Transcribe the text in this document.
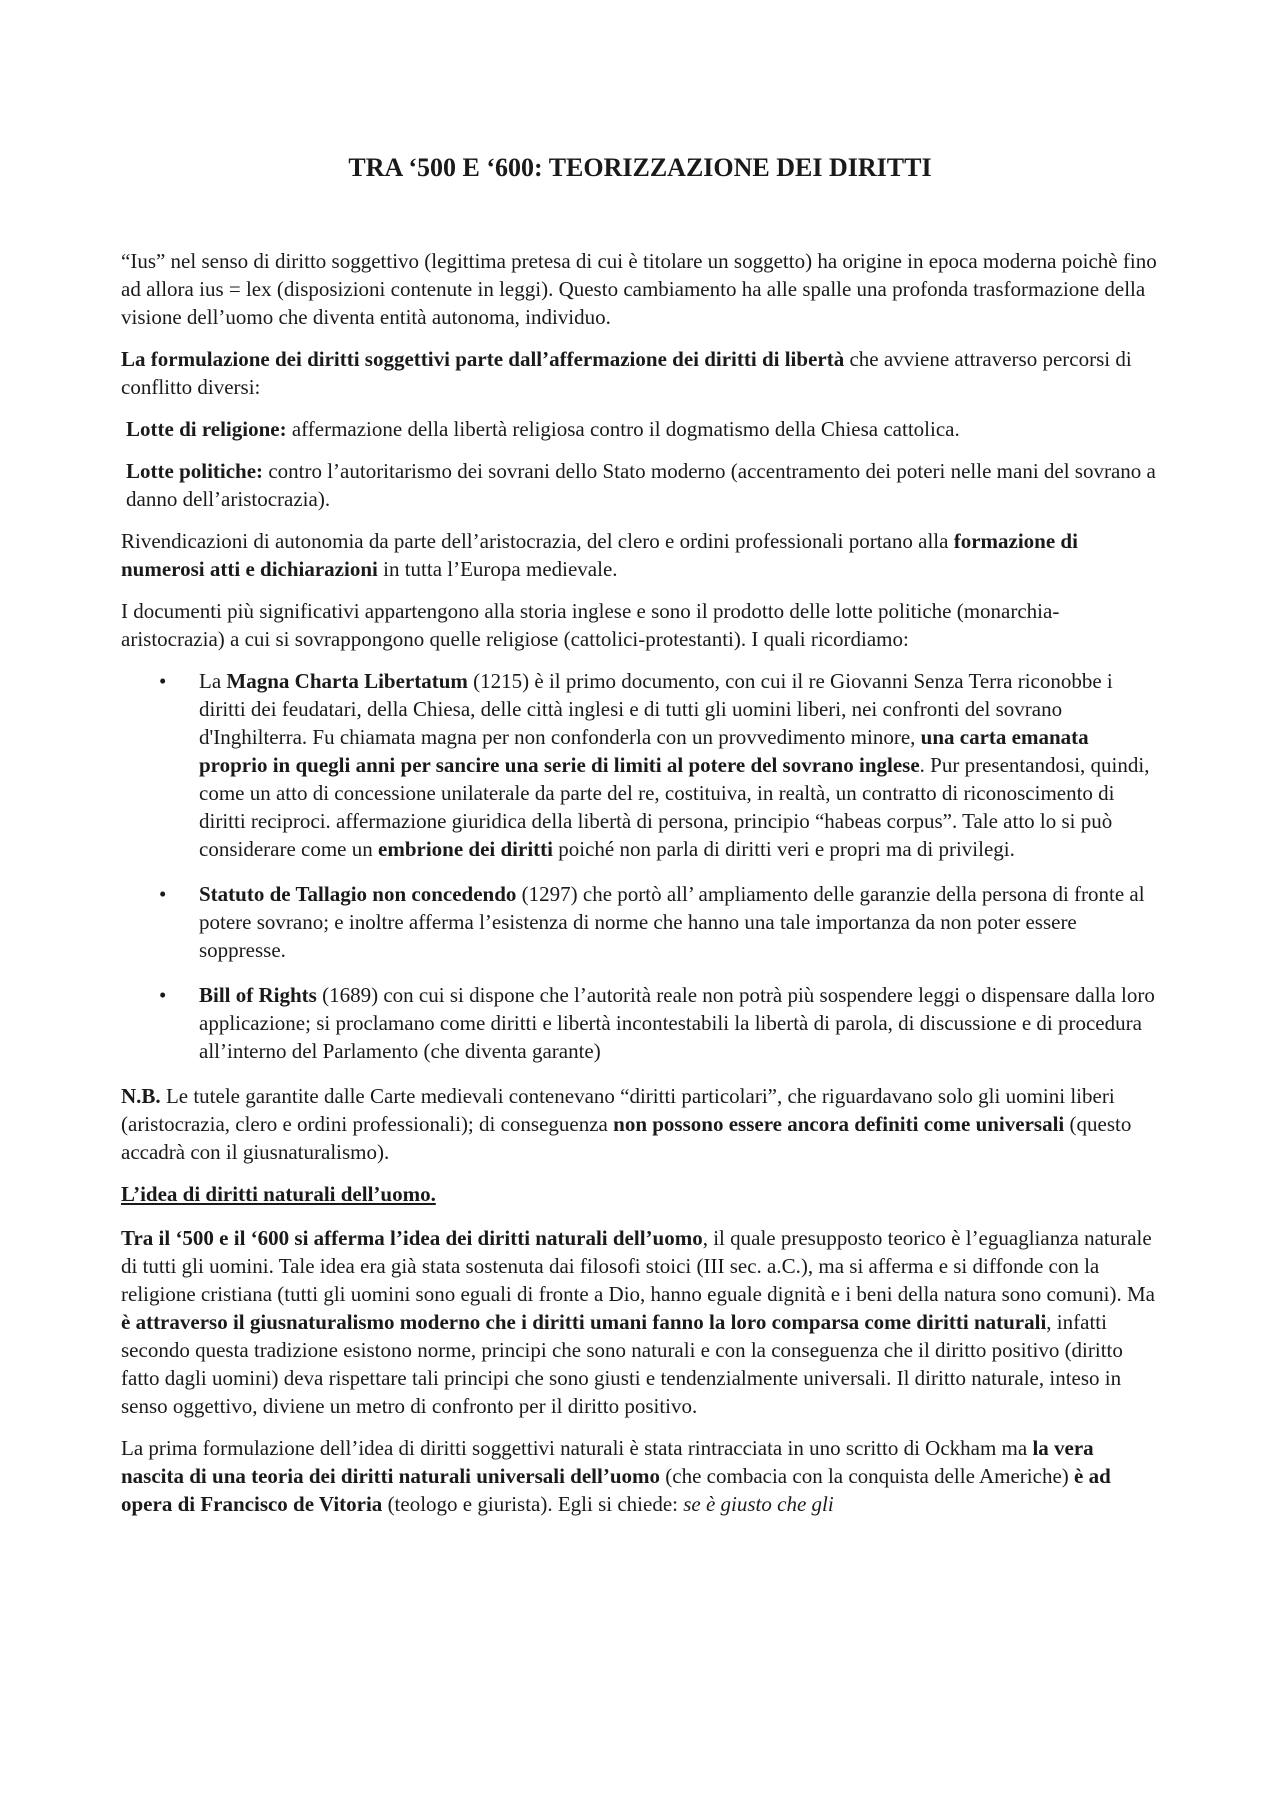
TRA ‘500 E ‘600: TEORIZZAZIONE DEI DIRITTI

“Ius” nel senso di diritto soggettivo (legittima pretesa di cui è titolare un soggetto) ha origine in epoca moderna poichè fino ad allora ius = lex (disposizioni contenute in leggi). Questo cambiamento ha alle spalle una profonda trasformazione della visione dell’uomo che diventa entità autonoma, individuo.

La formulazione dei diritti soggettivi parte dall’affermazione dei diritti di libertà che avviene attraverso percorsi di conflitto diversi:

Lotte di religione: affermazione della libertà religiosa contro il dogmatismo della Chiesa cattolica.

Lotte politiche: contro l’autoritarismo dei sovrani dello Stato moderno (accentramento dei poteri nelle mani del sovrano a danno dell’aristocrazia).

Rivendicazioni di autonomia da parte dell’aristocrazia, del clero e ordini professionali portano alla formazione di numerosi atti e dichiarazioni in tutta l’Europa medievale.

I documenti più significativi appartengono alla storia inglese e sono il prodotto delle lotte politiche (monarchia-aristocrazia) a cui si sovrappongono quelle religiose (cattolici-protestanti). I quali ricordiamo:

• La Magna Charta Libertatum (1215) è il primo documento, con cui il re Giovanni Senza Terra riconobbe i diritti dei feudatari, della Chiesa, delle città inglesi e di tutti gli uomini liberi, nei confronti del sovrano d'Inghilterra. Fu chiamata magna per non confonderla con un provvedimento minore, una carta emanata proprio in quegli anni per sancire una serie di limiti al potere del sovrano inglese. Pur presentandosi, quindi, come un atto di concessione unilaterale da parte del re, costituiva, in realtà, un contratto di riconoscimento di diritti reciproci. affermazione giuridica della libertà di persona, principio “habeas corpus”. Tale atto lo si può considerare come un embrione dei diritti poiché non parla di diritti veri e propri ma di privilegi.
• Statuto de Tallagio non concedendo (1297) che portò all’ ampliamento delle garanzie della persona di fronte al potere sovrano; e inoltre afferma l’esistenza di norme che hanno una tale importanza da non poter essere soppresse.
• Bill of Rights (1689) con cui si dispone che l’autorità reale non potrà più sospendere leggi o dispensare dalla loro applicazione; si proclamano come diritti e libertà incontestabili la libertà di parola, di discussione e di procedura all’interno del Parlamento (che diventa garante)

N.B. Le tutele garantite dalle Carte medievali contenevano “diritti particolari”, che riguardavano solo gli uomini liberi (aristocrazia, clero e ordini professionali); di conseguenza non possono essere ancora definiti come universali (questo accadrà con il giusnaturalismo).

L’idea di diritti naturali dell’uomo.

Tra il ‘500 e il ‘600 si afferma l’idea dei diritti naturali dell’uomo, il quale presupposto teorico è l’eguaglianza naturale di tutti gli uomini. Tale idea era già stata sostenuta dai filosofi stoici (III sec. a.C.), ma si afferma e si diffonde con la religione cristiana (tutti gli uomini sono eguali di fronte a Dio, hanno eguale dignità e i beni della natura sono comuni). Ma è attraverso il giusnaturalismo moderno che i diritti umani fanno la loro comparsa come diritti naturali, infatti secondo questa tradizione esistono norme, principi che sono naturali e con la conseguenza che il diritto positivo (diritto fatto dagli uomini) deva rispettare tali principi che sono giusti e tendenzialmente universali. Il diritto naturale, inteso in senso oggettivo, diviene un metro di confronto per il diritto positivo.

La prima formulazione dell’idea di diritti soggettivi naturali è stata rintracciata in uno scritto di Ockham ma la vera nascita di una teoria dei diritti naturali universali dell’uomo (che combacia con la conquista delle Americhe) è ad opera di Francisco de Vitoria (teologo e giurista). Egli si chiede: se è giusto che gli
